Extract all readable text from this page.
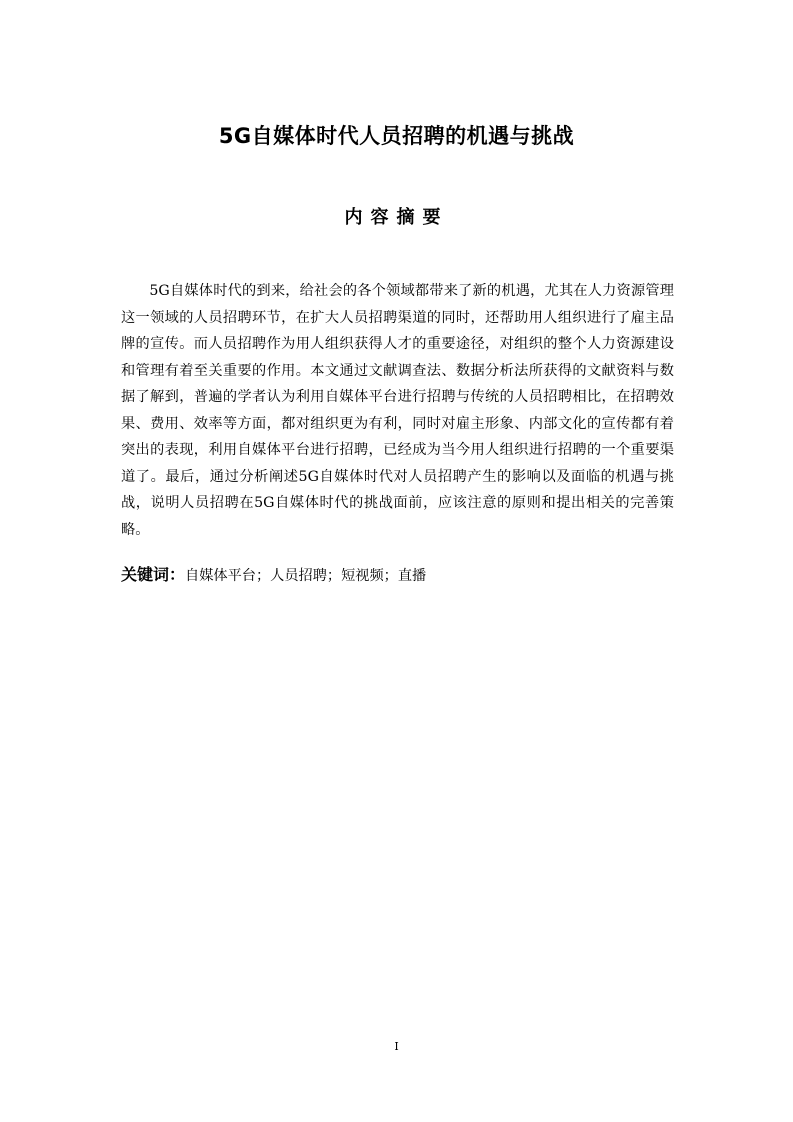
5G自媒体时代人员招聘的机遇与挑战
内容摘要

5G自媒体时代的到来，给社会的各个领域都带来了新的机遇，尤其在人力资源管理这一领域的人员招聘环节，在扩大人员招聘渠道的同时，还帮助用人组织进行了雇主品牌的宣传。而人员招聘作为用人组织获得人才的重要途径，对组织的整个人力资源建设和管理有着至关重要的作用。本文通过文献调查法、数据分析法所获得的文献资料与数据了解到，普遍的学者认为利用自媒体平台进行招聘与传统的人员招聘相比，在招聘效果、费用、效率等方面，都对组织更为有利，同时对雇主形象、内部文化的宣传都有着突出的表现，利用自媒体平台进行招聘，已经成为当今用人组织进行招聘的一个重要渠道了。最后，通过分析阐述5G自媒体时代对人员招聘产生的影响以及面临的机遇与挑战，说明人员招聘在5G自媒体时代的挑战面前，应该注意的原则和提出相关的完善策略。

关键词：自媒体平台；人员招聘；短视频；直播
I
